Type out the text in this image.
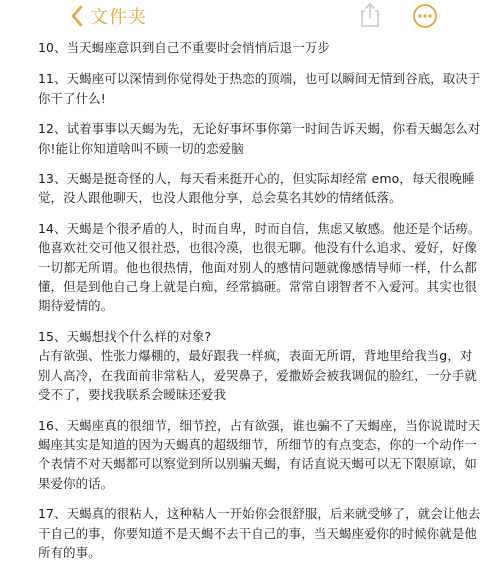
文件夹

10、当天蝎座意识到自己不重要时会悄悄后退一万步

11、天蝎座可以深情到你觉得处于热恋的顶端，也可以瞬间无情到谷底，取决于你干了什么!

12、试着事事以天蝎为先，无论好事坏事你第一时间告诉天蝎，你看天蝎怎么对你!能让你知道啥叫不顾一切的恋爱脑

13、天蝎是挺奇怪的人，每天看来挺开心的，但实际却经常 emo，每天很晚睡觉，没人跟他聊天，也没人跟他分享，总会莫名其妙的情绪低落。

14、天蝎是个很矛盾的人，时而自卑，时而自信，焦虑又敏感。他还是个话痨。他喜欢社交可他又很社恐，也很冷漠，也很无聊。他没有什么追求、爱好，好像一切都无所谓。他也很热情，他面对别人的感情问题就像感情导师一样，什么都懂，但是到他自己身上就是白痴，经常搞砸。常常自诩智者不入爱河。其实也很期待爱情的。

15、天蝎想找个什么样的对象?
占有欲强、性张力爆棚的，最好跟我一样疯，表面无所谓，背地里给我当g，对别人高冷，在我面前非常粘人，爱哭鼻子，爱撒娇会被我调侃的脸红，一分手就受不了，要找我联系会暧昧还爱我

16、天蝎座真的很细节，细节控，占有欲强，谁也骗不了天蝎座，当你说谎时天蝎座其实是知道的因为天蝎真的超级细节，所细节的有点变态，你的一个动作一个表情不对天蝎都可以察觉到所以别骗天蝎，有话直说天蝎可以无下限原谅，如果爱你的话。

17、天蝎真的很粘人，这种粘人一开始你会很舒服，后来就受够了，就会让他去干自己的事，你要知道不是天蝎不去干自己的事，当天蝎座爱你的时候你就是他所有的事。
